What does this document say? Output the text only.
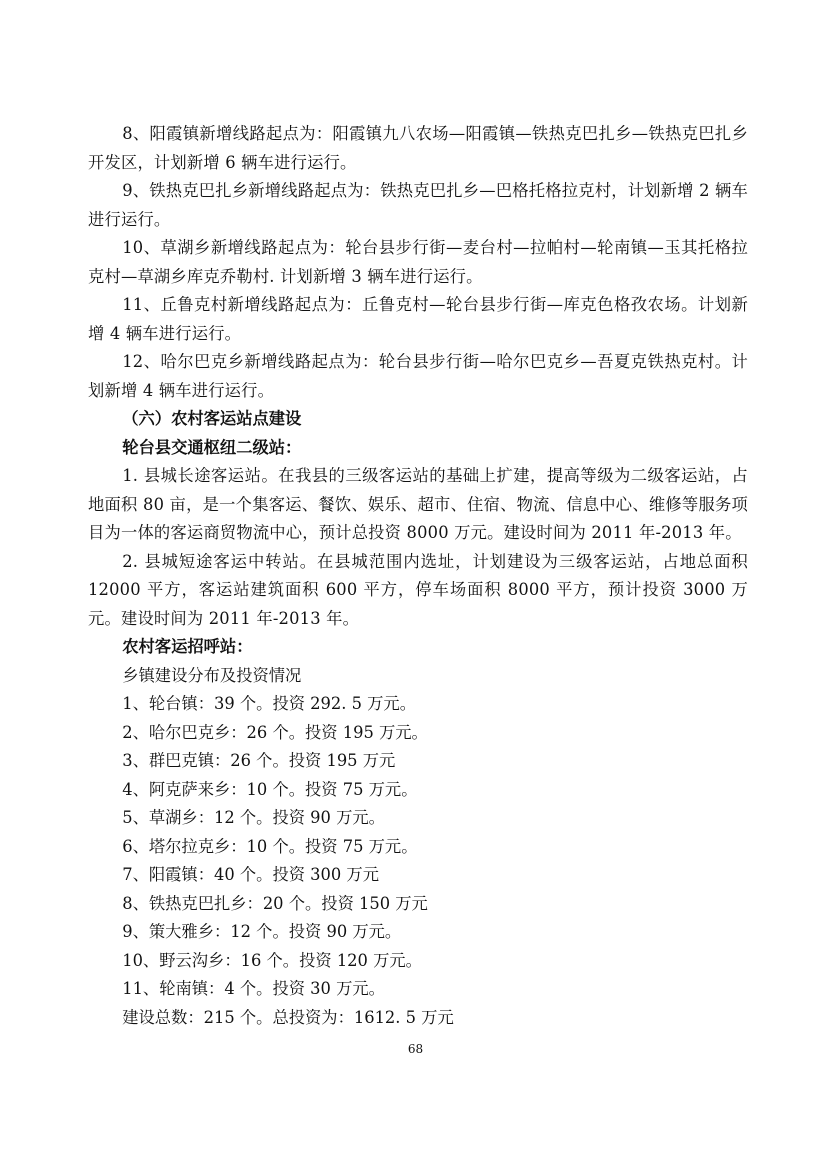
8、阳霞镇新增线路起点为：阳霞镇九八农场—阳霞镇—铁热克巴扎乡—铁热克巴扎乡开发区，计划新增 6 辆车进行运行。

9、铁热克巴扎乡新增线路起点为：铁热克巴扎乡—巴格托格拉克村，计划新增 2 辆车进行运行。

10、草湖乡新增线路起点为：轮台县步行街—麦台村—拉帕村—轮南镇—玉其托格拉克村—草湖乡库克乔勒村. 计划新增 3 辆车进行运行。

11、丘鲁克村新增线路起点为：丘鲁克村—轮台县步行街—库克色格孜农场。计划新增 4 辆车进行运行。

12、哈尔巴克乡新增线路起点为：轮台县步行街—哈尔巴克乡—吾夏克铁热克村。计划新增 4 辆车进行运行。

（六）农村客运站点建设

轮台县交通枢纽二级站：

1. 县城长途客运站。在我县的三级客运站的基础上扩建，提高等级为二级客运站，占地面积 80 亩，是一个集客运、餐饮、娱乐、超市、住宿、物流、信息中心、维修等服务项目为一体的客运商贸物流中心，预计总投资 8000 万元。建设时间为 2011 年-2013 年。

2. 县城短途客运中转站。在县城范围内选址，计划建设为三级客运站，占地总面积 12000 平方，客运站建筑面积 600 平方，停车场面积 8000 平方，预计投资 3000 万元。建设时间为 2011 年-2013 年。

农村客运招呼站：

乡镇建设分布及投资情况

1、轮台镇：39 个。投资 292. 5 万元。

2、哈尔巴克乡：26 个。投资 195 万元。

3、群巴克镇：26 个。投资 195 万元

4、阿克萨来乡：10 个。投资 75 万元。

5、草湖乡：12 个。投资 90 万元。

6、塔尔拉克乡：10 个。投资 75 万元。

7、阳霞镇：40 个。投资 300 万元

8、铁热克巴扎乡：20 个。投资 150 万元

9、策大雅乡：12 个。投资 90 万元。

10、野云沟乡：16 个。投资 120 万元。

11、轮南镇：4 个。投资 30 万元。

建设总数：215 个。总投资为：1612. 5 万元

68
